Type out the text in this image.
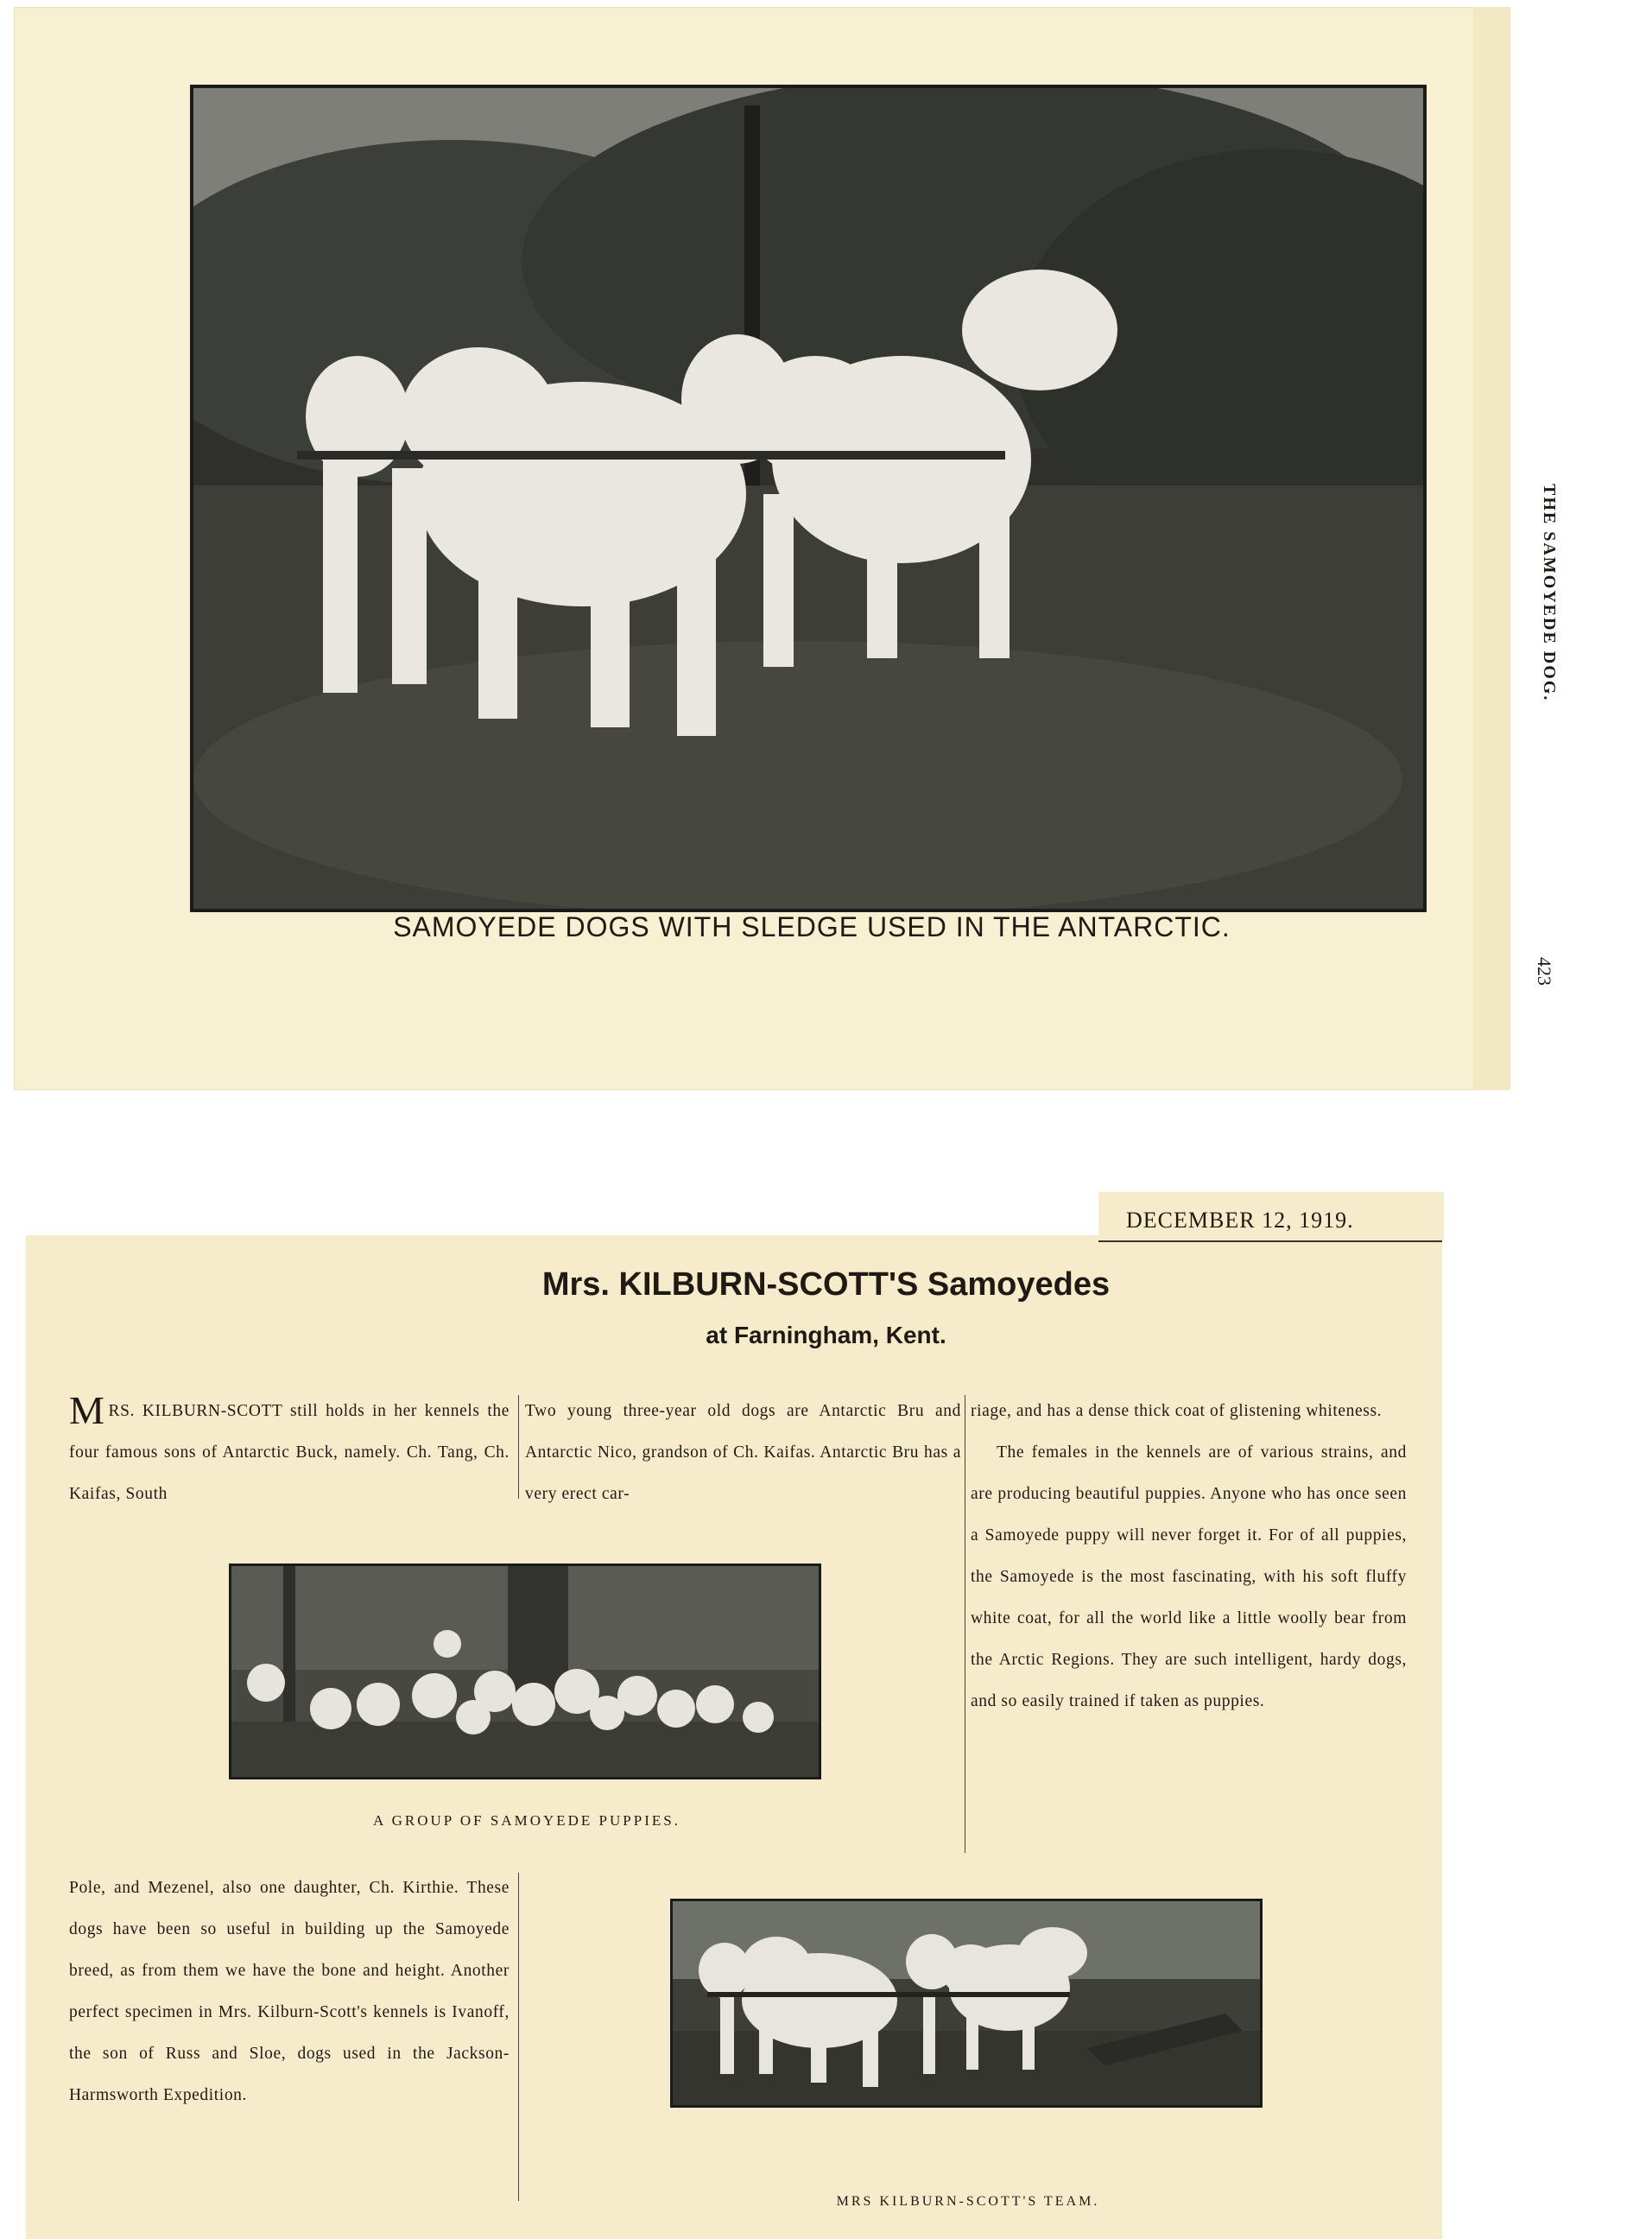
SAMOYEDE DOGS WITH SLEDGE USED IN THE ANTARCTIC.
THE SAMOYEDE DOG.
423
DECEMBER 12, 1919.
Mrs. KILBURN-SCOTT'S Samoyedes
at Farningham, Kent.
M RS. KILBURN-SCOTT still holds in her kennels the four famous sons of Antarctic Buck, namely. Ch. Tang, Ch. Kaifas, South
Two young three-year old dogs are Antarctic Bru and Antarctic Nico, grandson of Ch. Kaifas. Antarctic Bru has a very erect car-
riage, and has a dense thick coat of glistening whiteness.
The females in the kennels are of various strains, and are producing beautiful puppies. Anyone who has once seen a Samoyede puppy will never forget it. For of all puppies, the Samoyede is the most fascinating, with his soft fluffy white coat, for all the world like a little woolly bear from the Arctic Regions. They are such intelligent, hardy dogs, and so easily trained if taken as puppies.
A GROUP OF SAMOYEDE PUPPIES.
Pole, and Mezenel, also one daughter, Ch. Kirthie. These dogs have been so useful in building up the Samoyede breed, as from them we have the bone and height. Another perfect specimen in Mrs. Kilburn-Scott's kennels is Ivanoff, the son of Russ and Sloe, dogs used in the Jackson-Harmsworth Expedition.
MRS KILBURN-SCOTT'S TEAM.
